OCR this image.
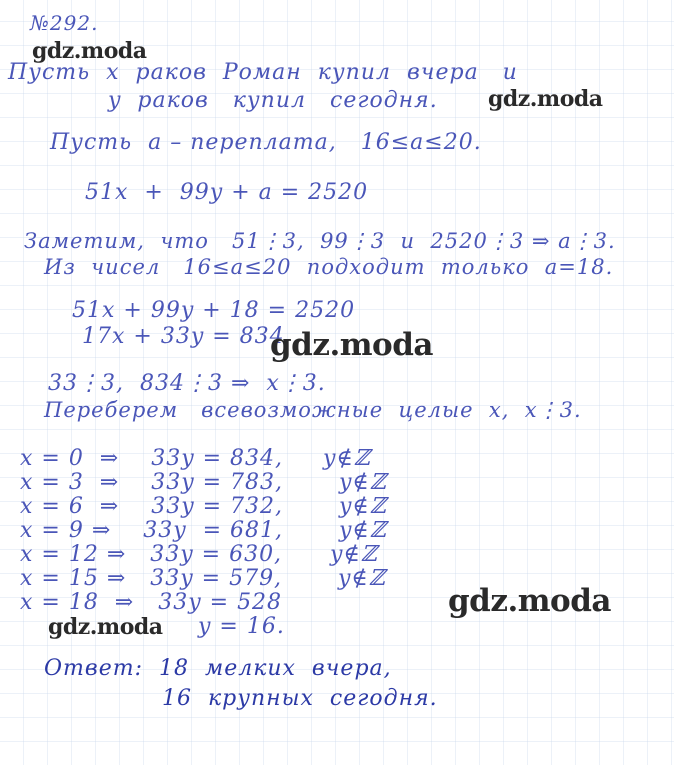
№292.
Пусть  x  раков  Роман  купил  вчера   и
y  раков   купил   сегодня.
Пусть  a – переплата,   16≤a≤20.
51x  +  99y + a = 2520
Заметим,  что   51⋮3,  99⋮3  и  2520⋮3 ⇒ a⋮3.
Из  чисел   16≤a≤20  подходит  только  a=18.
51x + 99y + 18 = 2520
17x + 33y = 834
33⋮3,  834⋮3 ⇒  x⋮3.
Переберем   всевозможные  целые  x,  x⋮3.
x = 0  ⇒    33y = 834,     y∉ℤ
x = 3  ⇒    33y = 783,       y∉ℤ
x = 6  ⇒    33y = 732,       y∉ℤ
x = 9 ⇒    33y  = 681,       y∉ℤ
x = 12 ⇒   33y = 630,      y∉ℤ
x = 15 ⇒   33y = 579,       y∉ℤ
x = 18  ⇒   33y = 528
y = 16.
Ответ:  18  мелких  вчера,
16  крупных  сегодня.
gdz.moda
gdz.moda
gdz.moda
gdz.moda
gdz.moda
